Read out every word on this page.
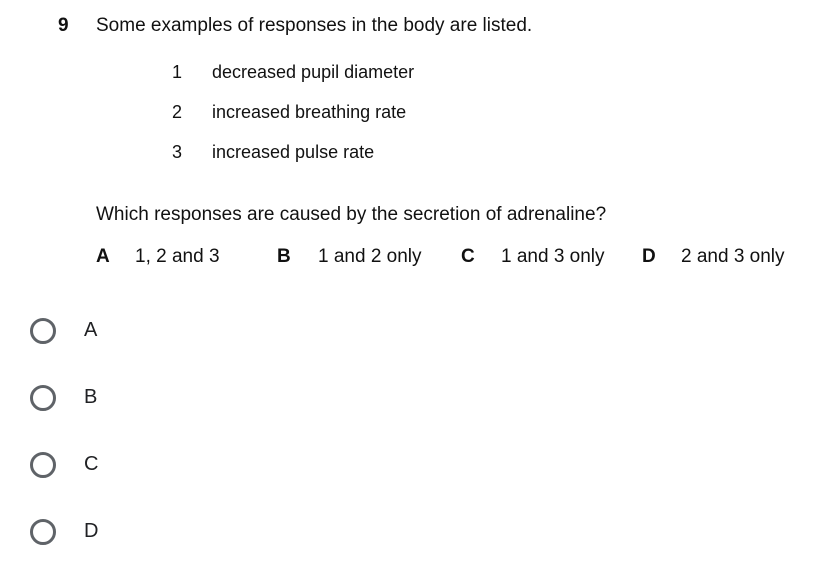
9 Some examples of responses in the body are listed.
1	decreased pupil diameter
2	increased breathing rate
3	increased pulse rate
Which responses are caused by the secretion of adrenaline?
A 1, 2 and 3	B 1 and 2 only C 1 and 3 only D 2 and 3 only
A
B
C
D
